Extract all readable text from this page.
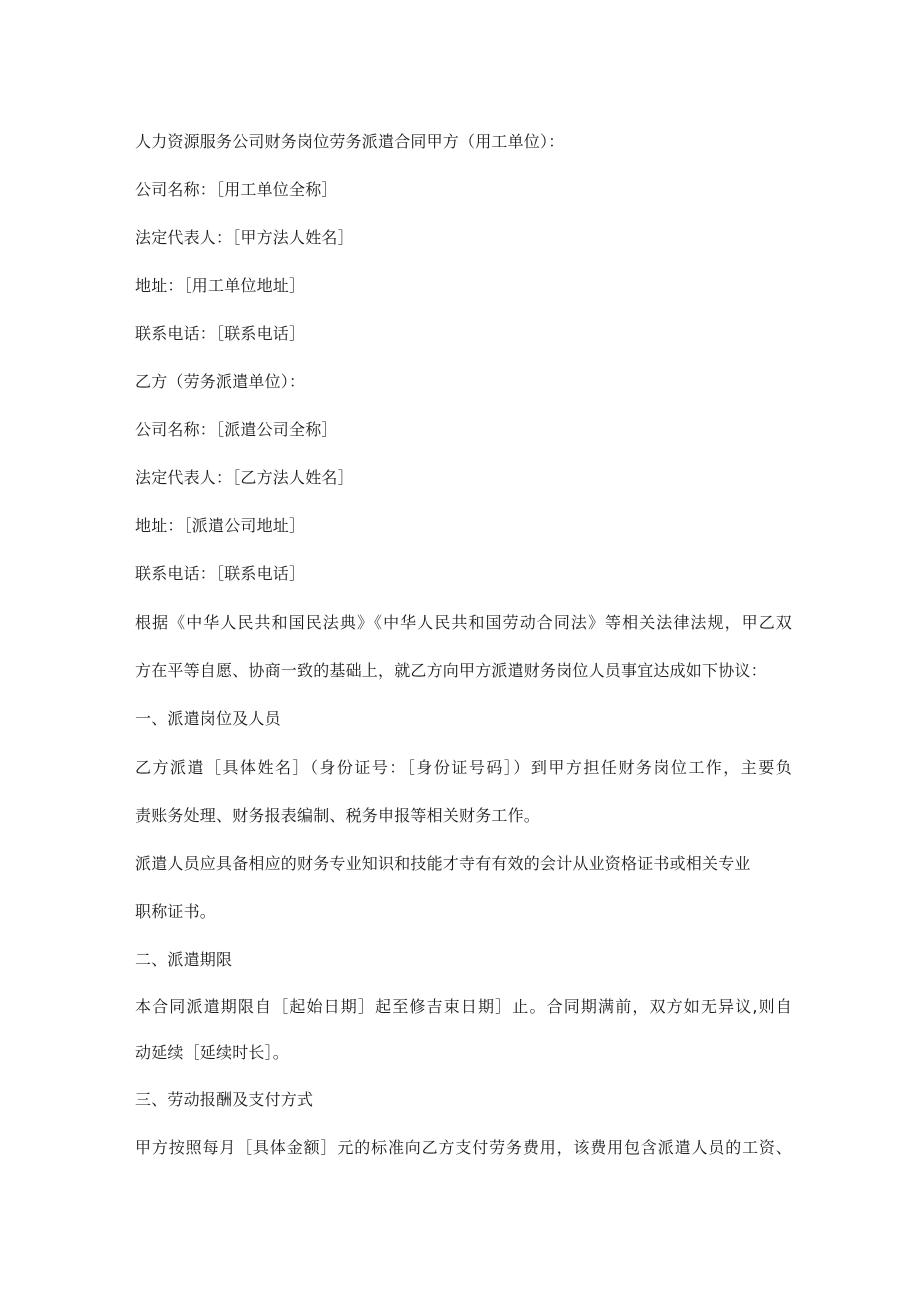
人力资源服务公司财务岗位劳务派遣合同甲方（用工单位）：
公司名称：［用工单位全称］
法定代表人：［甲方法人姓名］
地址：［用工单位地址］
联系电话：［联系电话］
乙方（劳务派遣单位）：
公司名称：［派遣公司全称］
法定代表人：［乙方法人姓名］
地址：［派遣公司地址］
联系电话：［联系电话］
根据《中华人民共和国民法典》《中华人民共和国劳动合同法》等相关法律法规，甲乙双
方在平等自愿、协商一致的基础上，就乙方向甲方派遣财务岗位人员事宜达成如下协议：
一、派遣岗位及人员
乙方派遣［具体姓名］（身份证号：［身份证号码］）到甲方担任财务岗位工作，主要负
责账务处理、财务报表编制、税务申报等相关财务工作。
派遣人员应具备相应的财务专业知识和技能才寺有有效的会计从业资格证书或相关专业
职称证书。
二、派遣期限
本合同派遣期限自［起始日期］起至修吉束日期］止。合同期满前，双方如无异议,则自
动延续［延续时长］。
三、劳动报酬及支付方式
甲方按照每月［具体金额］元的标准向乙方支付劳务费用，该费用包含派遣人员的工资、
